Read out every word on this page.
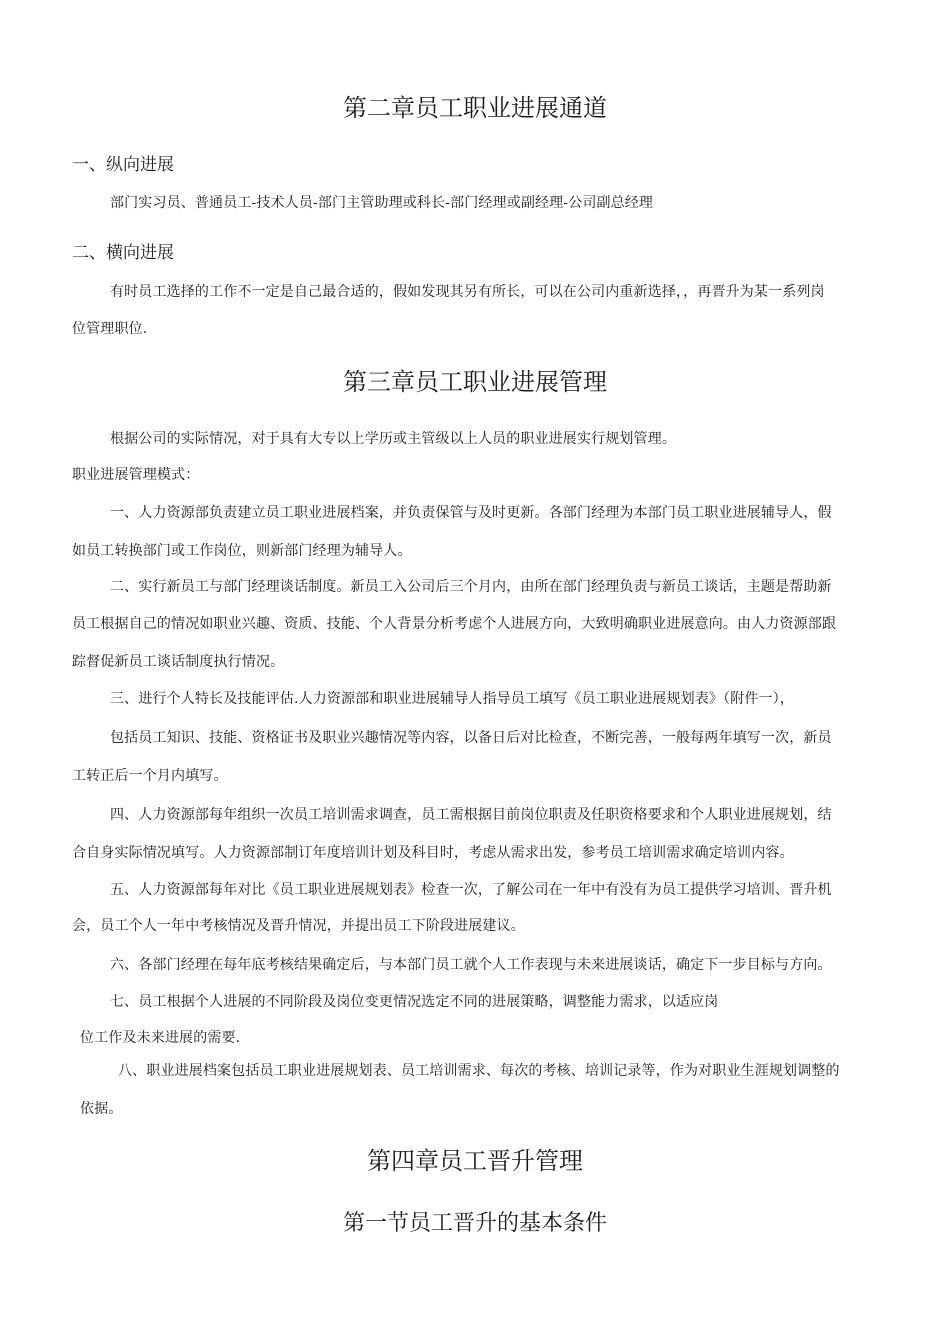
第二章员工职业进展通道
一、纵向进展

部门实习员、普通员工-技术人员-部门主管助理或科长-部门经理或副经理-公司副总经理

二、横向进展

有时员工选择的工作不一定是自己最合适的，假如发现其另有所长，可以在公司内重新选择，，再晋升为某一系列岗

位管理职位.

第三章员工职业进展管理

根据公司的实际情况，对于具有大专以上学历或主管级以上人员的职业进展实行规划管理。

职业进展管理模式：

一、人力资源部负责建立员工职业进展档案，并负责保管与及时更新。各部门经理为本部门员工职业进展辅导人，假

如员工转换部门或工作岗位，则新部门经理为辅导人。

二、实行新员工与部门经理谈话制度。新员工入公司后三个月内，由所在部门经理负责与新员工谈话，主题是帮助新

员工根据自己的情况如职业兴趣、资质、技能、个人背景分析考虑个人进展方向，大致明确职业进展意向。由人力资源部跟

踪督促新员工谈话制度执行情况。

三、进行个人特长及技能评估.人力资源部和职业进展辅导人指导员工填写《员工职业进展规划表》（附件一），

包括员工知识、技能、资格证书及职业兴趣情况等内容，以备日后对比检查，不断完善，一般每两年填写一次，新员

工转正后一个月内填写。

四、人力资源部每年组织一次员工培训需求调查，员工需根据目前岗位职责及任职资格要求和个人职业进展规划，结

合自身实际情况填写。人力资源部制订年度培训计划及科目时，考虑从需求出发，参考员工培训需求确定培训内容。

五、人力资源部每年对比《员工职业进展规划表》检查一次，了解公司在一年中有没有为员工提供学习培训、晋升机

会，员工个人一年中考核情况及晋升情况，并提出员工下阶段进展建议。

六、各部门经理在每年底考核结果确定后，与本部门员工就个人工作表现与未来进展谈话，确定下一步目标与方向。

七、员工根据个人进展的不同阶段及岗位变更情况选定不同的进展策略，调整能力需求，以适应岗

位工作及未来进展的需要.

八、职业进展档案包括员工职业进展规划表、员工培训需求、每次的考核、培训记录等，作为对职业生涯规划调整的

依据。

第四章员工晋升管理
第一节员工晋升的基本条件
